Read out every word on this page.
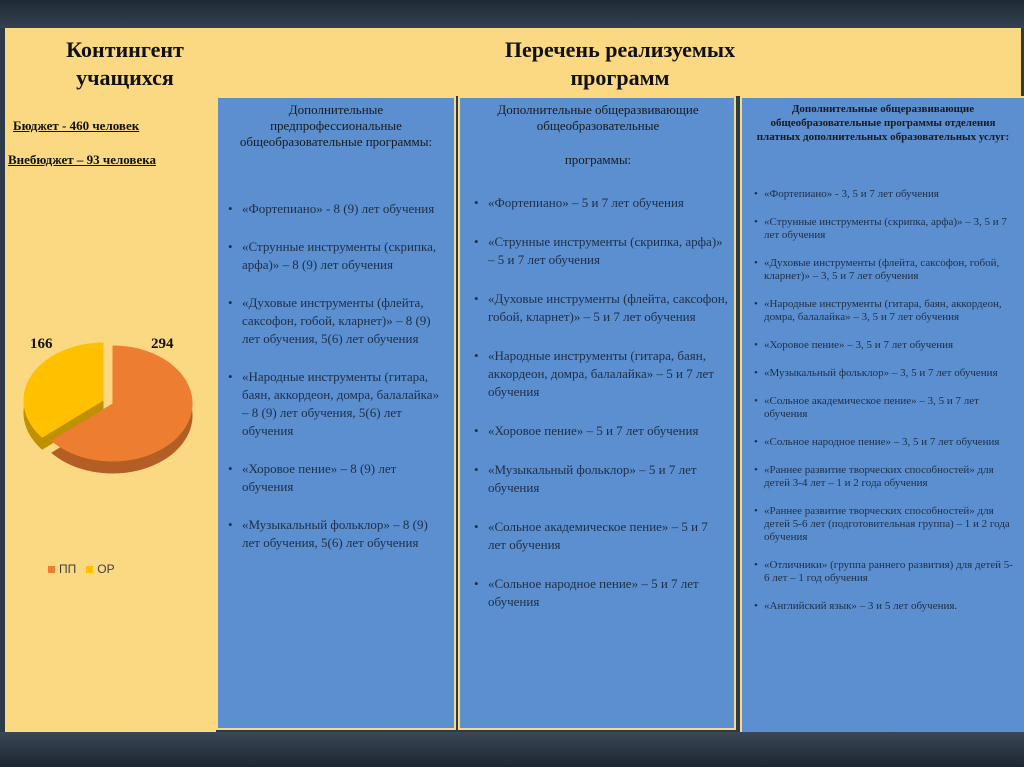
Контингент учащихся
Перечень реализуемых программ
Бюджет - 460 человек
Внебюджет – 93 человека
166	294
ПП ОР
Дополнительные предпрофессиональные общеобразовательные программы:
• «Фортепиано» - 8 (9) лет обучения
• «Струнные инструменты (скрипка, арфа)» – 8 (9) лет обучения
• «Духовые инструменты (флейта, саксофон, гобой, кларнет)» – 8 (9) лет обучения, 5(6) лет обучения
• «Народные инструменты (гитара, баян, аккордеон, домра, балалайка» – 8 (9) лет обучения, 5(6) лет обучения
• «Хоровое пение» – 8 (9) лет обучения
• «Музыкальный фольклор» – 8 (9) лет обучения, 5(6) лет обучения
Дополнительные общеразвивающие общеобразовательные
программы:
• «Фортепиано» – 5 и 7 лет обучения
• «Струнные инструменты (скрипка, арфа)» – 5 и 7 лет обучения
• «Духовые инструменты (флейта, саксофон, гобой, кларнет)» – 5 и 7 лет обучения
• «Народные инструменты (гитара, баян, аккордеон, домра, балалайка» – 5 и 7 лет обучения
• «Хоровое пение» – 5 и 7 лет обучения
• «Музыкальный фольклор» – 5 и 7 лет обучения
• «Сольное академическое пение» – 5 и 7 лет обучения
• «Сольное народное пение» – 5 и 7 лет обучения
Дополнительные общеразвивающие общеобразовательные программы отделения платных дополнительных образовательных услуг:
• «Фортепиано» - 3, 5 и 7 лет обучения
• «Струнные инструменты (скрипка, арфа)» – 3, 5 и 7 лет обучения
• «Духовые инструменты (флейта, саксофон, гобой, кларнет)» – 3, 5 и 7 лет обучения
• «Народные инструменты (гитара, баян, аккордеон, домра, балалайка» – 3, 5 и 7 лет обучения
• «Хоровое пение» – 3, 5 и 7 лет обучения
• «Музыкальный фольклор» – 3, 5 и 7 лет обучения
• «Сольное академическое пение» – 3, 5 и 7 лет обучения
• «Сольное народное пение» – 3, 5 и 7 лет обучения
• «Раннее развитие творческих способностей» для детей 3-4 лет – 1 и 2 года обучения
• «Раннее развитие творческих способностей» для детей 5-6 лет (подготовительная группа) – 1 и 2 года обучения
• «Отличники» (группа раннего развития) для детей 5-6 лет – 1 год обучения
• «Английский язык» – 3 и 5 лет обучения.
